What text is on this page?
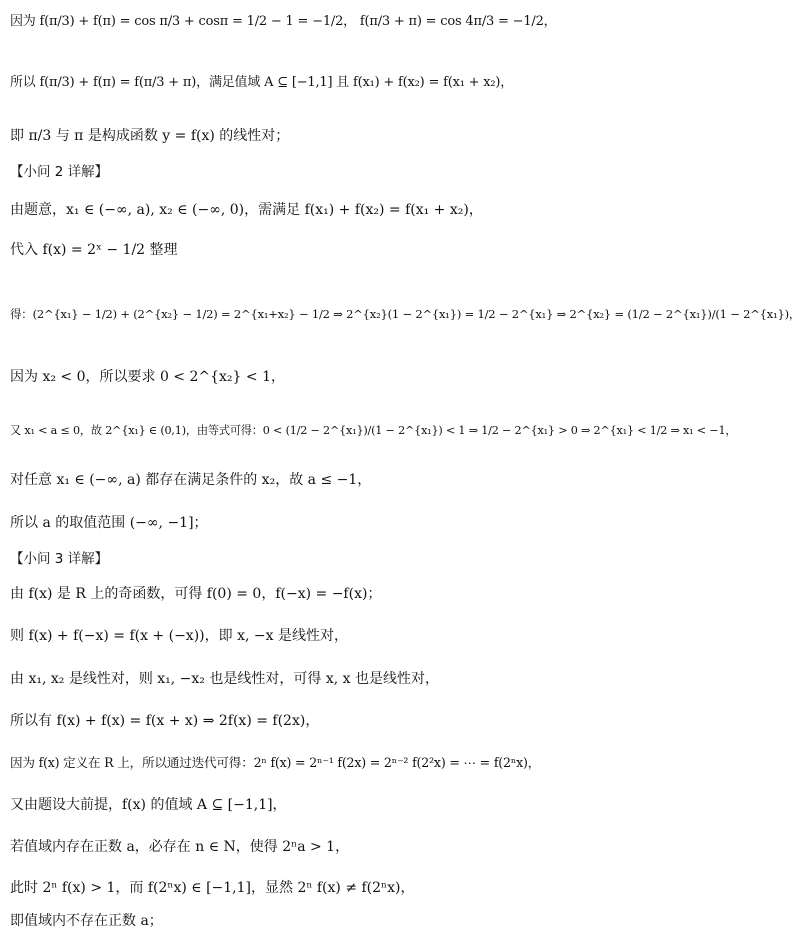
因为 f(π/3) + f(π) = cos π/3 + cosπ = 1/2 − 1 = −1/2， f(π/3 + π) = cos 4π/3 = −1/2，
所以 f(π/3) + f(π) = f(π/3 + π)，满足值域 A ⊆ [−1,1] 且 f(x₁) + f(x₂) = f(x₁ + x₂)，
即 π/3 与 π 是构成函数 y = f(x) 的线性对；
【小问 2 详解】
由题意，x₁ ∈ (−∞, a), x₂ ∈ (−∞, 0)，需满足 f(x₁) + f(x₂) = f(x₁ + x₂)，
代入 f(x) = 2ˣ − 1/2 整理
得：(2^{x₁} − 1/2) + (2^{x₂} − 1/2) = 2^{x₁+x₂} − 1/2 ⇒ 2^{x₂}(1 − 2^{x₁}) = 1/2 − 2^{x₁} ⇒ 2^{x₂} = (1/2 − 2^{x₁})/(1 − 2^{x₁})，
因为 x₂ < 0，所以要求 0 < 2^{x₂} < 1，
又 x₁ < a ≤ 0，故 2^{x₁} ∈ (0,1)，由等式可得：0 < (1/2 − 2^{x₁})/(1 − 2^{x₁}) < 1 ⇒ 1/2 − 2^{x₁} > 0 ⇒ 2^{x₁} < 1/2 ⇒ x₁ < −1，
对任意 x₁ ∈ (−∞, a) 都存在满足条件的 x₂，故 a ≤ −1，
所以 a 的取值范围 (−∞, −1]；
【小问 3 详解】
由 f(x) 是 R 上的奇函数，可得 f(0) = 0，f(−x) = −f(x)；
则 f(x) + f(−x) = f(x + (−x))，即 x, −x 是线性对，
由 x₁, x₂ 是线性对，则 x₁, −x₂ 也是线性对，可得 x, x 也是线性对，
所以有 f(x) + f(x) = f(x + x) ⇒ 2f(x) = f(2x)，
因为 f(x) 定义在 R 上，所以通过迭代可得：2ⁿ f(x) = 2ⁿ⁻¹ f(2x) = 2ⁿ⁻² f(2²x) = ⋯ = f(2ⁿx)，
又由题设大前提，f(x) 的值域 A ⊆ [−1,1]，
若值域内存在正数 a，必存在 n ∈ N，使得 2ⁿa > 1，
此时 2ⁿ f(x) > 1，而 f(2ⁿx) ∈ [−1,1]，显然 2ⁿ f(x) ≠ f(2ⁿx)，
即值域内不存在正数 a；
